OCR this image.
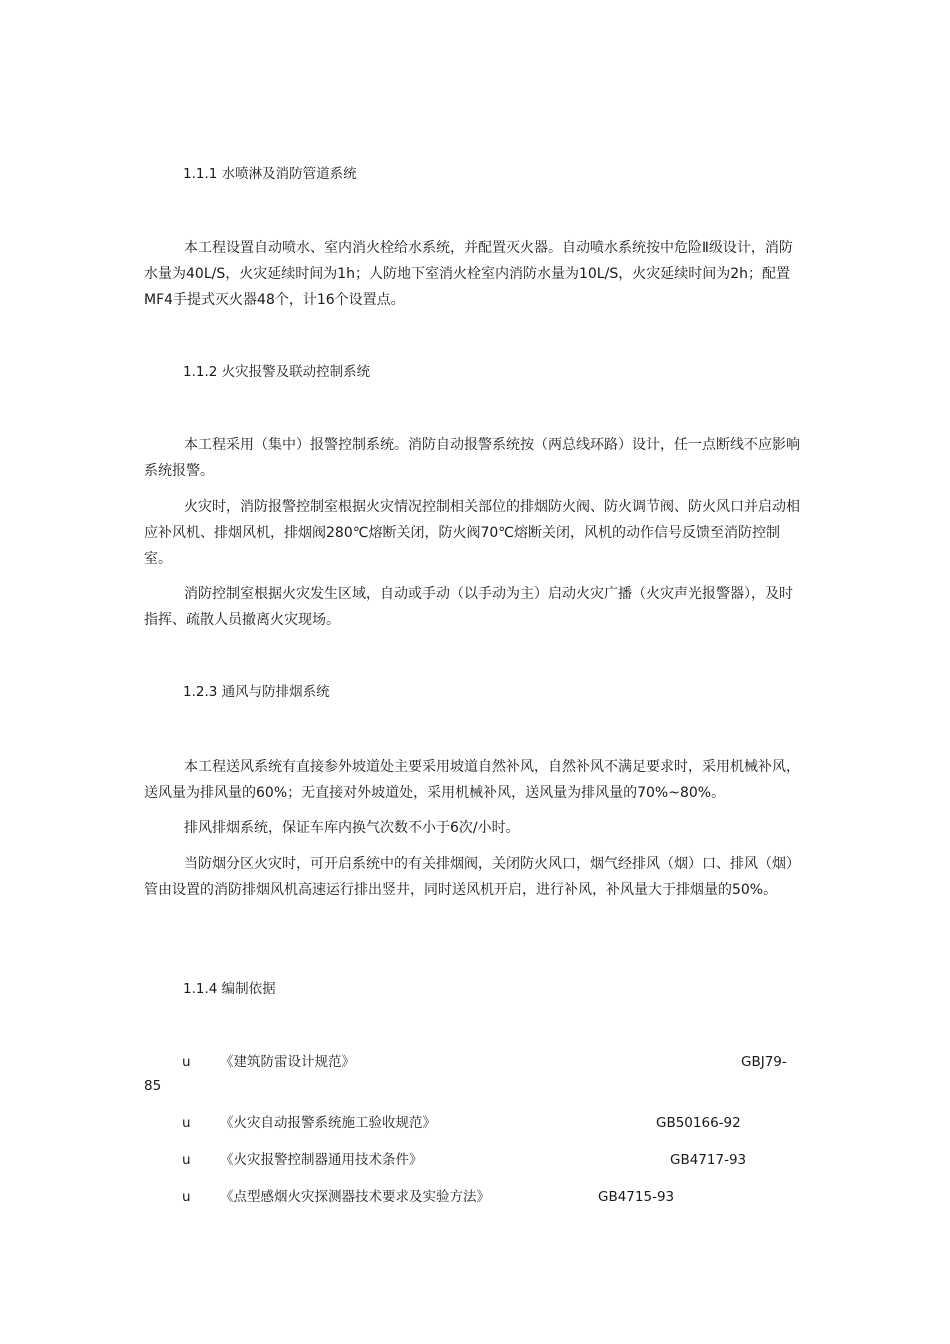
1.1.1 水喷淋及消防管道系统

本工程设置自动喷水、室内消火栓给水系统，并配置灭火器。自动喷水系统按中危险Ⅱ级设计，消防水量为40L/S，火灾延续时间为1h；人防地下室消火栓室内消防水量为10L/S，火灾延续时间为2h；配置MF4手提式灭火器48个，计16个设置点。

1.1.2 火灾报警及联动控制系统

本工程采用（集中）报警控制系统。消防自动报警系统按（两总线环路）设计，任一点断线不应影响系统报警。

火灾时，消防报警控制室根据火灾情况控制相关部位的排烟防火阀、防火调节阀、防火风口并启动相应补风机、排烟风机，排烟阀280℃熔断关闭，防火阀70℃熔断关闭，风机的动作信号反馈至消防控制室。

消防控制室根据火灾发生区域，自动或手动（以手动为主）启动火灾广播（火灾声光报警器），及时指挥、疏散人员撤离火灾现场。

1.2.3 通风与防排烟系统

本工程送风系统有直接参外坡道处主要采用坡道自然补风，自然补风不满足要求时，采用机械补风，送风量为排风量的60%；无直接对外坡道处，采用机械补风，送风量为排风量的70%~80%。

排风排烟系统，保证车库内换气次数不小于6次/小时。

当防烟分区火灾时，可开启系统中的有关排烟阀，关闭防火风口，烟气经排风（烟）口、排风（烟）管由设置的消防排烟风机高速运行排出竖井，同时送风机开启，进行补风，补风量大于排烟量的50%。

1.1.4 编制依据
u 《建筑防雷设计规范》	GBJ79-
85
u 《火灾自动报警系统施工验收规范》	GB50166-92
u 《火灾报警控制器通用技术条件》	GB4717-93
u 《点型感烟火灾探测器技术要求及实验方法》	GB4715-93
